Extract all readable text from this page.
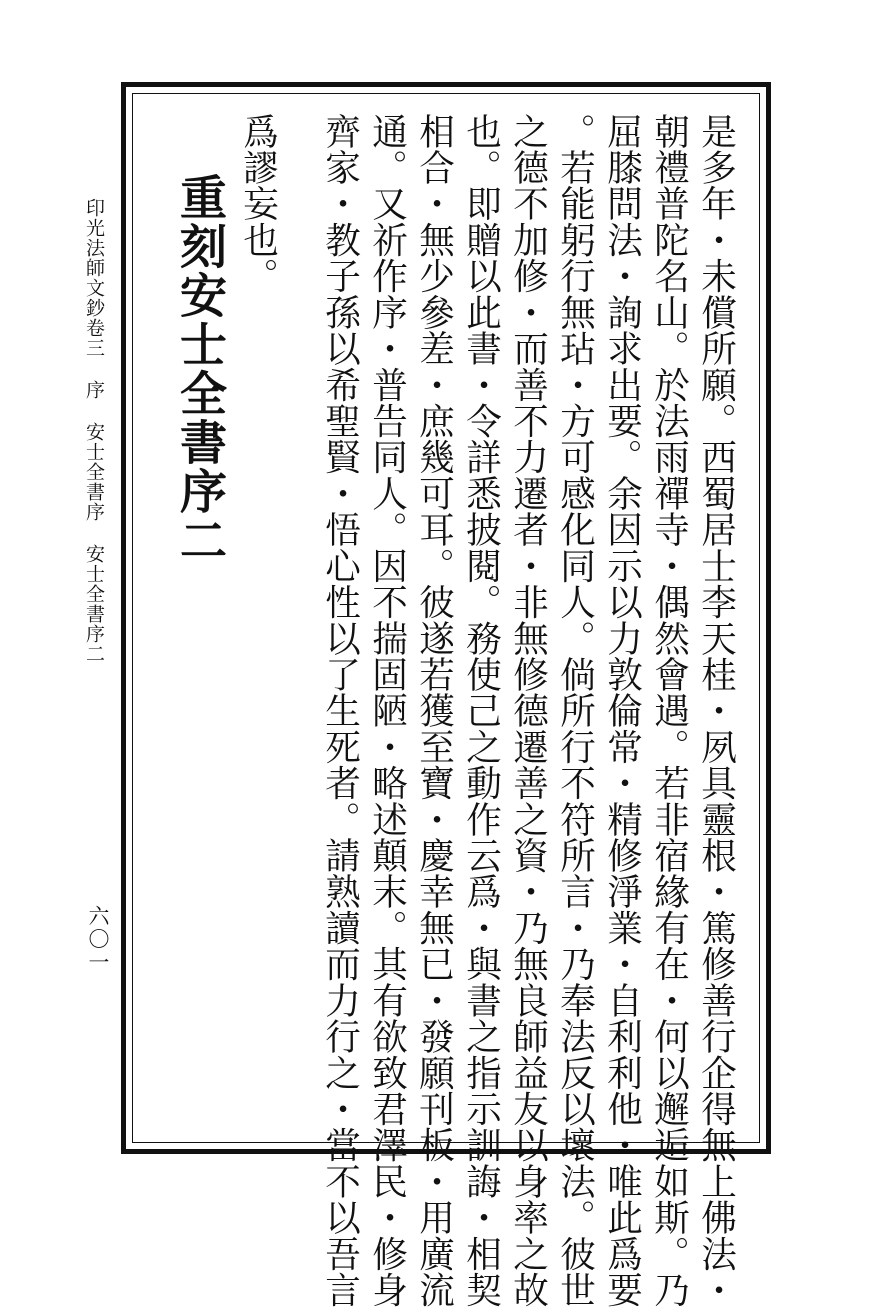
印光法師文鈔卷三序安士全書序安士全書序二
六〇一
重刻安士全書序二	是多年・未償所願。西蜀居士李天桂・夙具靈根・篤修善行企得無上佛法・
朝禮普陀名山。於法雨禪寺・偶然會遇。若非宿緣有在・何以邂逅如斯。乃
屈膝問法・詢求出要。余因示以力敦倫常・精修淨業・自利利他・唯此爲要
。若能躬行無玷・方可感化同人。倘所行不符所言・乃奉法反以壞法。彼世
之德不加修・而善不力遷者・非無修德遷善之資・乃無良師益友以身率之故
也。即贈以此書・令詳悉披閱。務使己之動作云爲・與書之指示訓誨・相契
相合・無少參差・庶幾可耳。彼遂若獲至寶・慶幸無已・發願刊板・用廣流
通。又祈作序・普告同人。因不揣固陋・略述顛末。其有欲致君澤民・修身
齊家・教子孫以希聖賢・悟心性以了生死者。請熟讀而力行之・當不以吾言
爲謬妄也。
